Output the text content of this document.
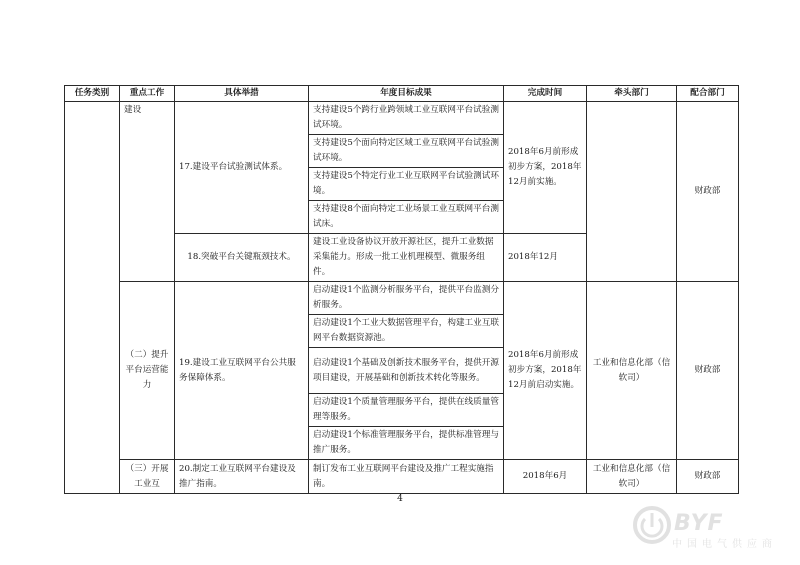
任务类别	重点工作	具体举措	年度目标成果	完成时间	牵头部门	配合部门
	建设	17.建设平台试验测试体系。	支持建设5个跨行业跨领域工业互联网平台试验测试环境。	2018年6月前形成初步方案，2018年12月前实施。		财政部
			支持建设5个面向特定区域工业互联网平台试验测试环境。			
			支持建设5个特定行业工业互联网平台试验测试环境。			
			支持建设8个面向特定工业场景工业互联网平台测试床。			
		18.突破平台关键瓶颈技术。	建设工业设备协议开放开源社区，提升工业数据采集能力。形成一批工业机理模型、微服务组件。	2018年12月		
	（二）提升平台运营能力	19.建设工业互联网平台公共服务保障体系。	启动建设1个监测分析服务平台，提供平台监测分析服务。	2018年6月前形成初步方案，2018年12月前启动实施。	工业和信息化部（信软司）	财政部
			启动建设1个工业大数据管理平台，构建工业互联网平台数据资源池。			
			启动建设1个基础及创新技术服务平台，提供开源项目建设，开展基础和创新技术转化等服务。			
			启动建设1个质量管理服务平台，提供在线质量管理等服务。			
			启动建设1个标准管理服务平台，提供标准管理与推广服务。			
	（三）开展工业互	20.制定工业互联网平台建设及推广指南。	制订发布工业互联网平台建设及推广工程实施指南。	2018年6月	工业和信息化部（信软司）	财政部
4
BYF
中国电气供应商
